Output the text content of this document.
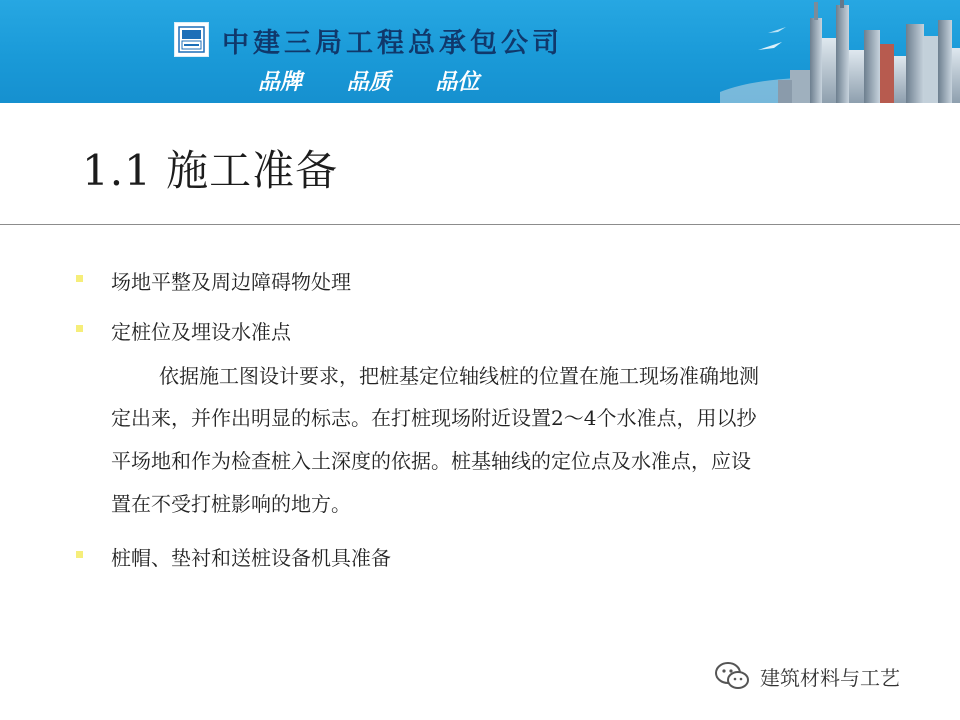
中建三局工程总承包公司
品牌 品质 品位
1.1 施工准备
场地平整及周边障碍物处理
定桩位及埋设水准点
依据施工图设计要求，把桩基定位轴线桩的位置在施工现场准确地测
定出来，并作出明显的标志。在打桩现场附近设置2～4个水准点，用以抄
平场地和作为检查桩入土深度的依据。桩基轴线的定位点及水准点，应设
置在不受打桩影响的地方。
桩帽、垫衬和送桩设备机具准备
建筑材料与工艺
